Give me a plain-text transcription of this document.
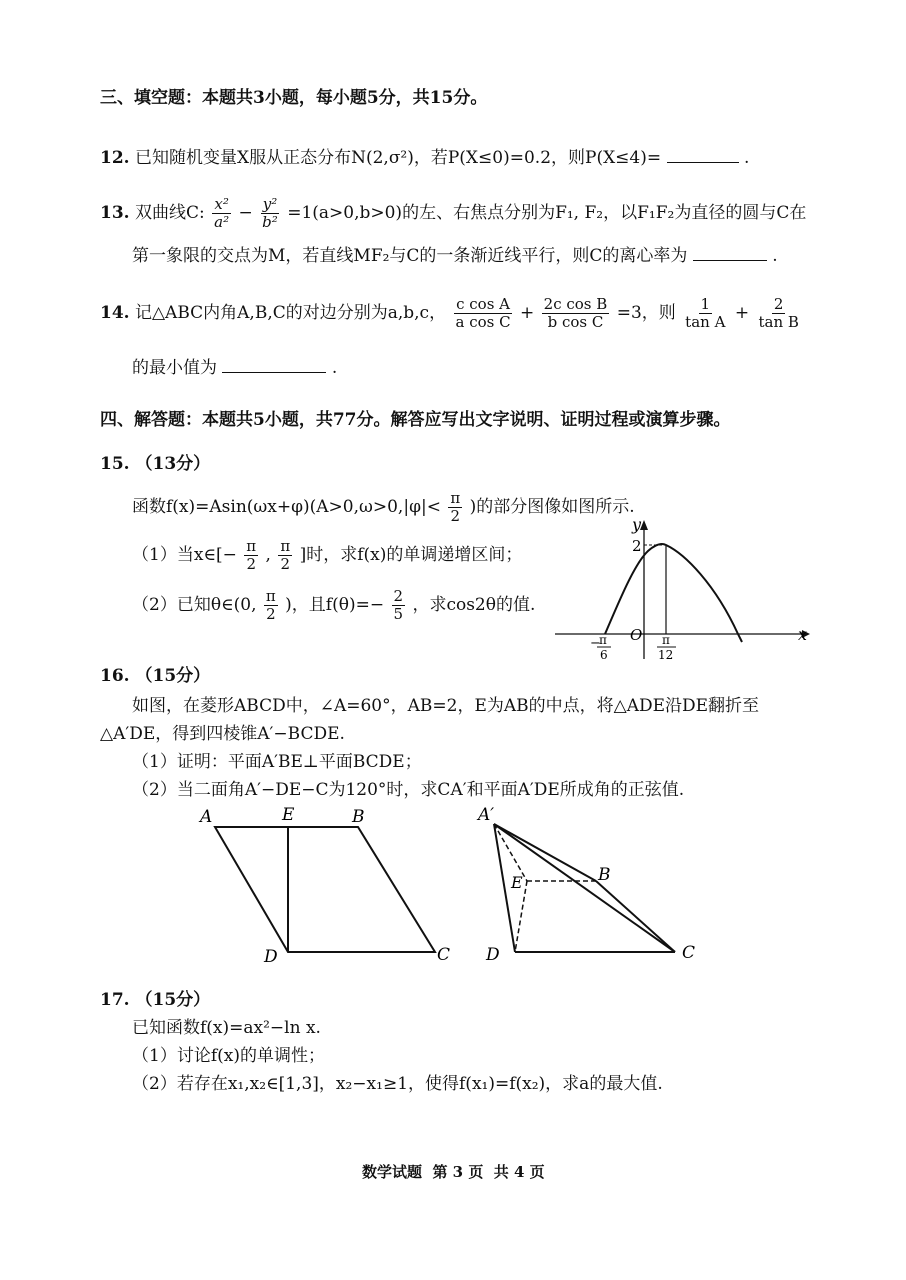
三、填空题：本题共3小题，每小题5分，共15分。
12. 已知随机变量X服从正态分布N(2,σ²)，若P(X≤0)=0.2，则P(X≤4)=	.
13. 双曲线C: $\frac{\text{x²}}{\text{a²}} - \frac{\text{y²}}{\text{b²}} =1(a>0,b>0)$的左、右焦点分别为F₁, F₂，以F₁F₂为直径的圆与C在
第一象限的交点为M，若直线MF₂与C的一条渐近线平行，则C的离心率为	.
14. 记△ABC内角A,B,C的对边分别为a,b,c， $\frac{\text{c cos A}}{\text{a cos C}} + \frac{\text{2c cos B}}{\text{b cos C}} =3$，则 $\frac{1}{\text{tan A}} + \frac{2}{\text{tan B}}$
的最小值为	.
四、解答题：本题共5小题，共77分。解答应写出文字说明、证明过程或演算步骤。
15. （13分）
函数$f(x)=Asin(\omega x+\varphi)(A>0,\omega>0,|\varphi|< \frac{\pi}{2}$ )的部分图像如图所示.
（1）当x∈[− $\frac{\pi}{2}$ , $\frac{\pi}{2}$ ]时，求f(x)的单调递增区间；
（2）已知θ∈(0, $\frac{\pi}{2}$ )，且$f(\theta)=- \frac{2}{5}$ ，求cos2θ的值.
y
x
2
O
−
π
6
π
12
16. （15分）
如图，在菱形ABCD中，∠A=60°，AB=2，E为AB的中点，将△ADE沿DE翻折至
△A′DE，得到四棱锥A′−BCDE.
（1）证明：平面A′BE⊥平面BCDE；
（2）当二面角A′−DE−C为120°时，求CA′和平面A′DE所成角的正弦值.
A	E	B
D	C
A′
E	B
D	C
17. （15分）
已知函数f(x)=ax²−ln x.
（1）讨论f(x)的单调性；
（2）若存在x₁,x₂∈[1,3]，x₂−x₁≥1，使得f(x₁)=f(x₂)，求a的最大值.
数学试题  第 3 页  共 4 页
